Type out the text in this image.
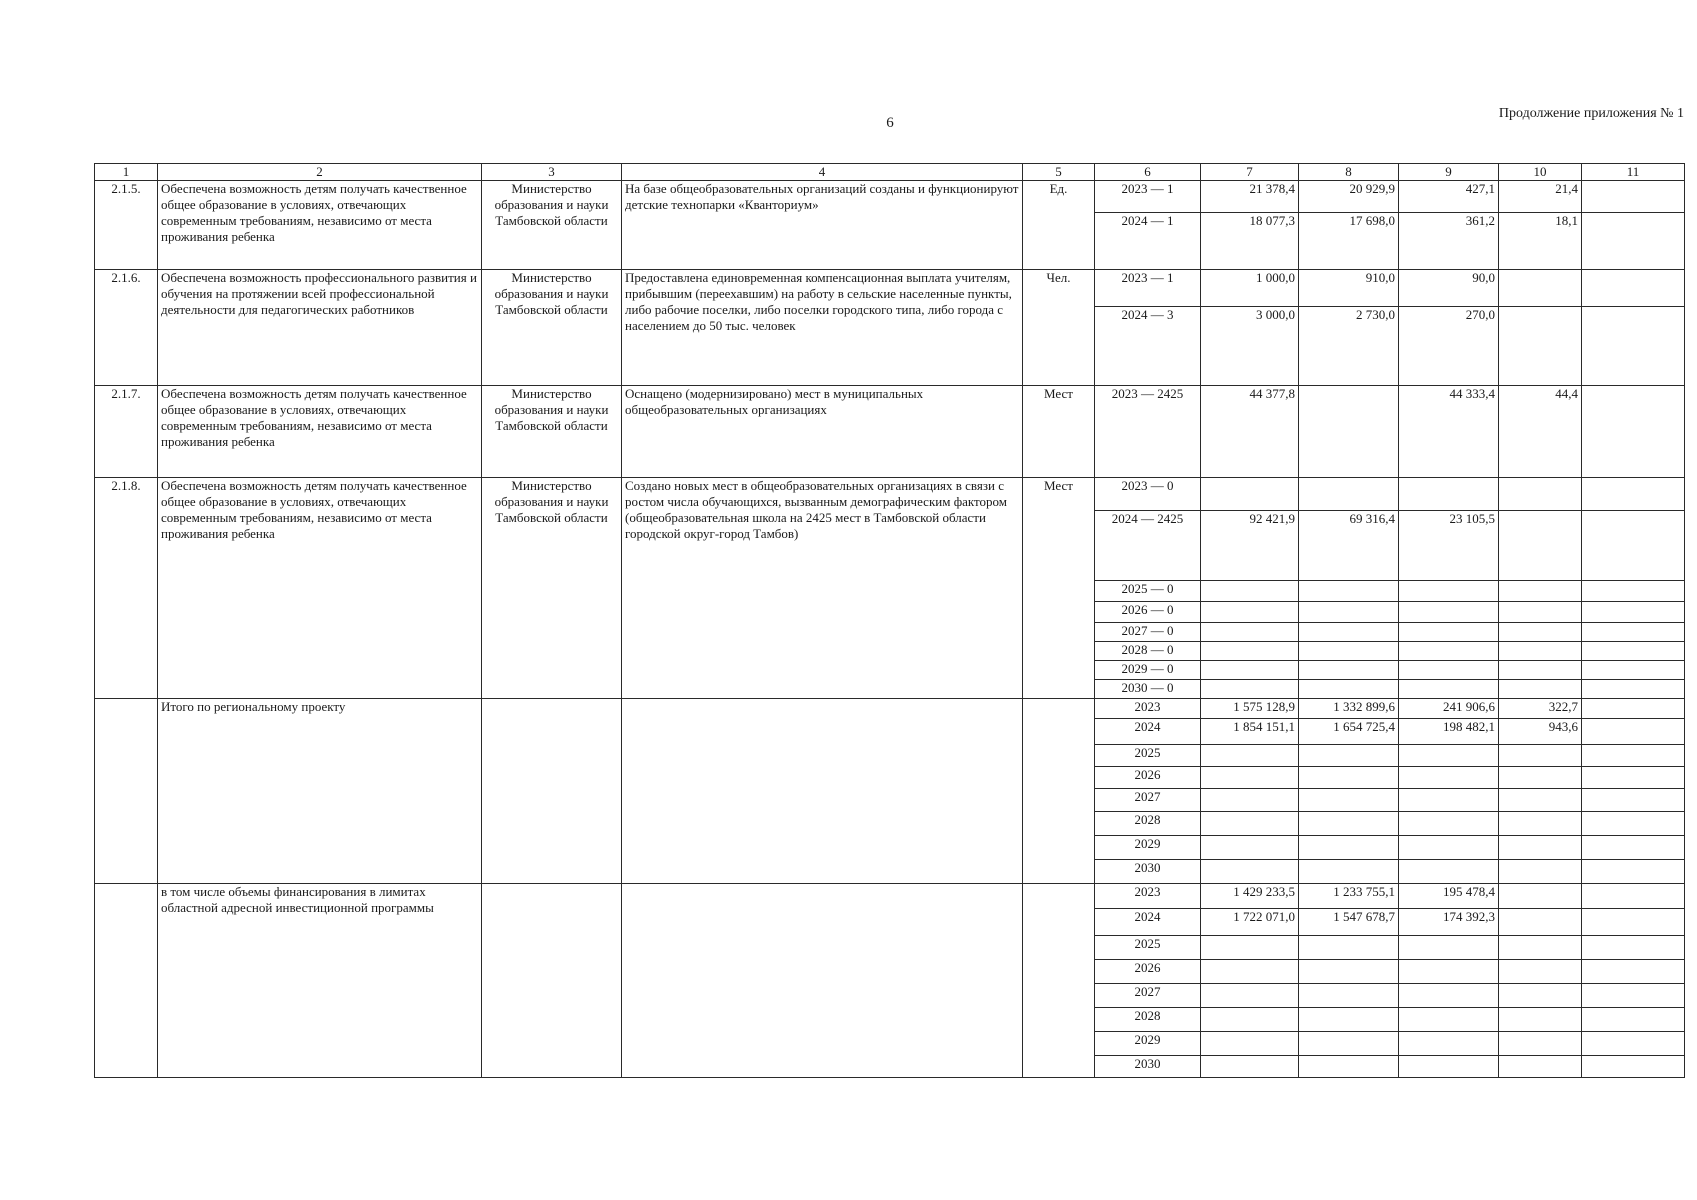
6
Продолжение приложения № 1
1	2	3	4	5	6	7	8	9	10	11
2.1.5.	Обеспечена возможность детям получать качественное общее образование в условиях, отвечающих современным требованиям, независимо от места проживания ребенка	Министерство образования и науки Тамбовской области	На базе общеобразовательных организаций созданы и функционируют детские технопарки «Кванториум»	Ед.	2023 — 1	21 378,4	20 929,9	427,1	21,4	
					2024 — 1	18 077,3	17 698,0	361,2	18,1	
2.1.6.	Обеспечена возможность профессионального развития и обучения на протяжении всей профессиональной деятельности для педагогических работников	Министерство образования и науки Тамбовской области	Предоставлена единовременная компенсационная выплата учителям, прибывшим (переехавшим) на работу в сельские населенные пункты, либо рабочие поселки, либо поселки городского типа, либо города с населением до 50 тыс. человек	Чел.	2023 — 1	1 000,0	910,0	90,0		
					2024 — 3	3 000,0	2 730,0	270,0		
2.1.7.	Обеспечена возможность детям получать качественное общее образование в условиях, отвечающих современным требованиям, независимо от места проживания ребенка	Министерство образования и науки Тамбовской области	Оснащено (модернизировано) мест в муниципальных общеобразовательных организациях	Мест	2023 — 2425	44 377,8		44 333,4	44,4	
2.1.8.	Обеспечена возможность детям получать качественное общее образование в условиях, отвечающих современным требованиям, независимо от места проживания ребенка	Министерство образования и науки Тамбовской области	Создано новых мест в общеобразовательных организациях в связи с ростом числа обучающихся, вызванным демографическим фактором (общеобразовательная школа на 2425 мест в Тамбовской области городской округ-город Тамбов)	Мест	2023 — 0					
					2024 — 2425	92 421,9	69 316,4	23 105,5		
					2025 — 0					
					2026 — 0					
					2027 — 0					
					2028 — 0					
					2029 — 0					
					2030 — 0					
	Итого по региональному проекту				2023	1 575 128,9	1 332 899,6	241 906,6	322,7	
					2024	1 854 151,1	1 654 725,4	198 482,1	943,6	
					2025					
					2026					
					2027					
					2028					
					2029					
					2030					
	в том числе объемы финансирования в лимитах областной адресной инвестиционной программы				2023	1 429 233,5	1 233 755,1	195 478,4		
					2024	1 722 071,0	1 547 678,7	174 392,3		
					2025					
					2026					
					2027					
					2028					
					2029					
					2030					
